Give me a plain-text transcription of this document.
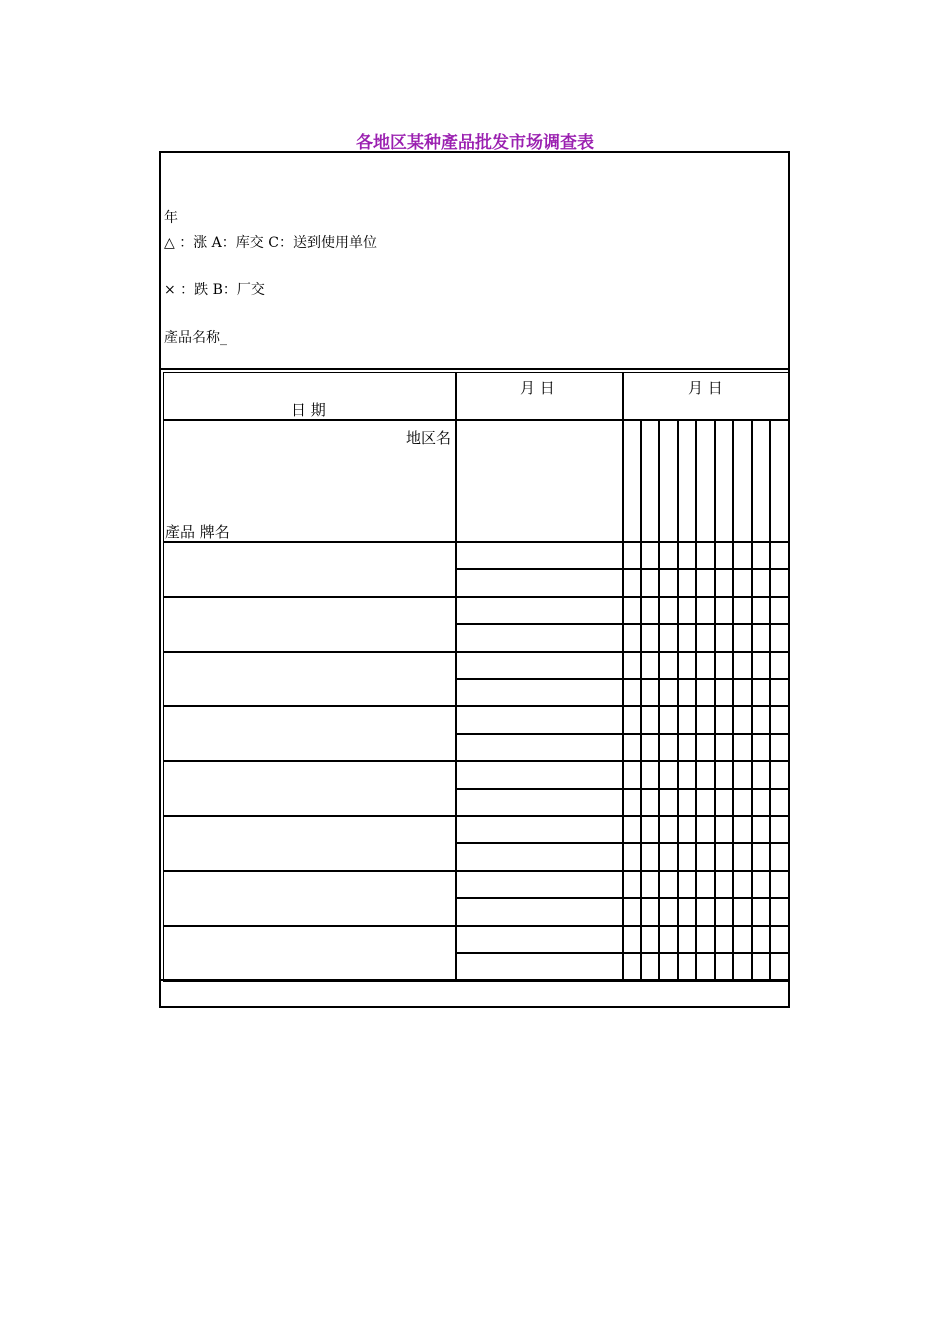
各地区某种產品批发市场调查表
年
△ ：涨 A：库交 C：送到使用单位
× ：跌 B：厂交
產品名称_
日 期
月 日	月 日
地区名
產品 牌名
